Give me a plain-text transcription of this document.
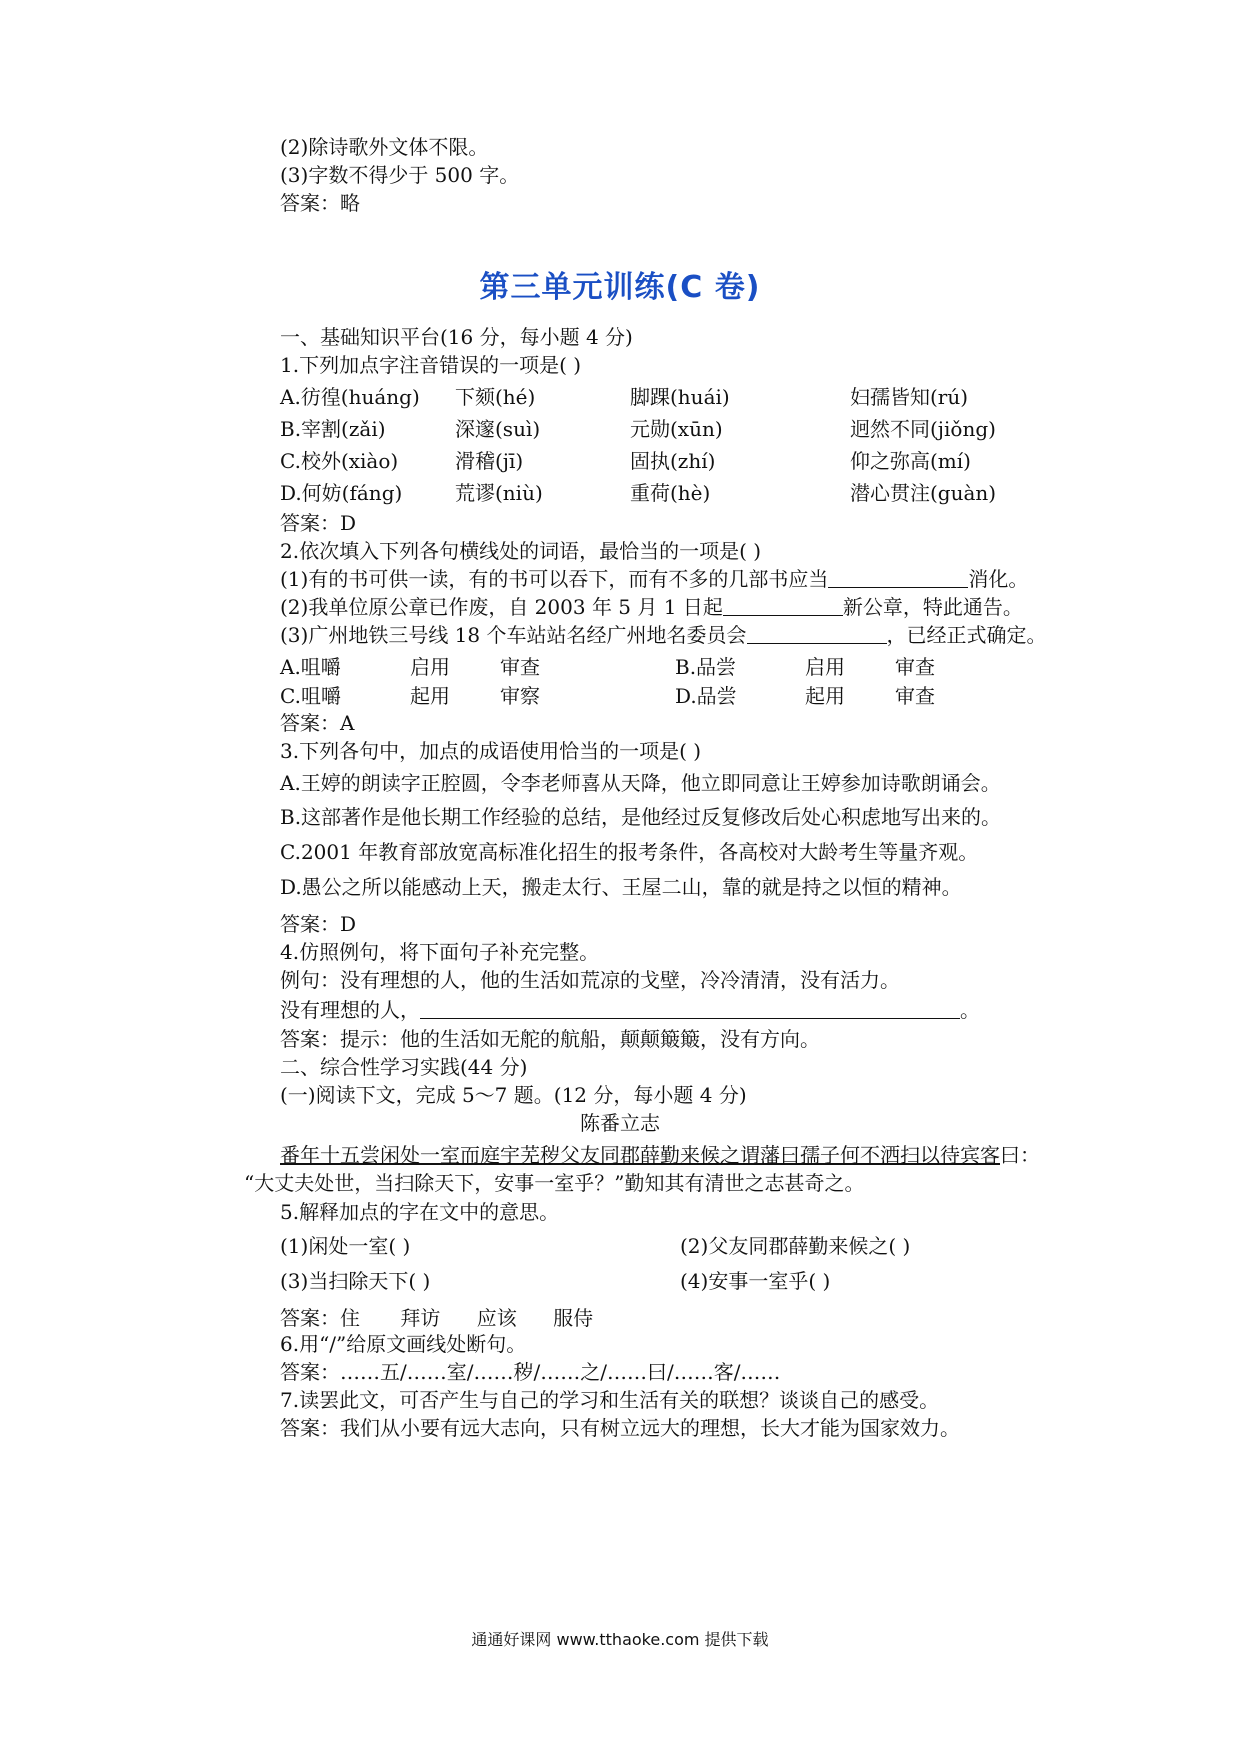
(2)除诗歌外文体不限。
(3)字数不得少于 500 字。
答案：略
第三单元训练(C 卷)
一、基础知识平台(16 分，每小题 4 分)
1.下列加点字注音错误的一项是( )
A.彷徨(huáng) 下颏(hé)	脚踝(huái)	妇孺皆知(rú)
B.宰割(zǎi)	深邃(suì)	元勋(xūn)	迥然不同(jiǒng)
C.校外(xiào)	滑稽(jī)	固执(zhí)	仰之弥高(mí)
D.何妨(fáng)	荒谬(niù)	重荷(hè)	潜心贯注(guàn)
答案：D
2.依次填入下列各句横线处的词语，最恰当的一项是( )
(1)有的书可供一读，有的书可以吞下，而有不多的几部书应当	消化。
(2)我单位原公章已作废，自 2003 年 5 月 1 日起	新公章，特此通告。
(3)广州地铁三号线 18 个车站站名经广州地名委员会	，已经正式确定。
A.咀嚼	启用	审查	B.品尝	启用	审查
C.咀嚼	起用	审察	D.品尝	起用	审查
答案：A
3.下列各句中，加点的成语使用恰当的一项是( )
A.王婷的朗读字正腔圆，令李老师喜从天降，他立即同意让王婷参加诗歌朗诵会。
B.这部著作是他长期工作经验的总结，是他经过反复修改后处心积虑地写出来的。
C.2001 年教育部放宽高标准化招生的报考条件，各高校对大龄考生等量齐观。
D.愚公之所以能感动上天，搬走太行、王屋二山，靠的就是持之以恒的精神。
答案：D
4.仿照例句，将下面句子补充完整。
例句：没有理想的人，他的生活如荒凉的戈壁，冷冷清清，没有活力。
没有理想的人，	。
答案：提示：他的生活如无舵的航船，颠颠簸簸，没有方向。
二、综合性学习实践(44 分)
(一)阅读下文，完成 5～7 题。(12 分，每小题 4 分)
陈番立志
番年十五尝闲处一室而庭宇芜秽父友同郡薛勤来候之谓藩曰孺子何不洒扫以待宾客曰：
“大丈夫处世，当扫除天下，安事一室乎？”勤知其有清世之志甚奇之。
5.解释加点的字在文中的意思。
(1)闲处一室( )	(2)父友同郡薛勤来候之( )
(3)当扫除天下( )	(4)安事一室乎( )
答案：住 拜访 应该 服侍
6.用“/”给原文画线处断句。
答案：……五/……室/……秽/……之/……曰/……客/……
7.读罢此文，可否产生与自己的学习和生活有关的联想？谈谈自己的感受。
答案：我们从小要有远大志向，只有树立远大的理想，长大才能为国家效力。
通通好课网 www.tthaoke.com 提供下载
